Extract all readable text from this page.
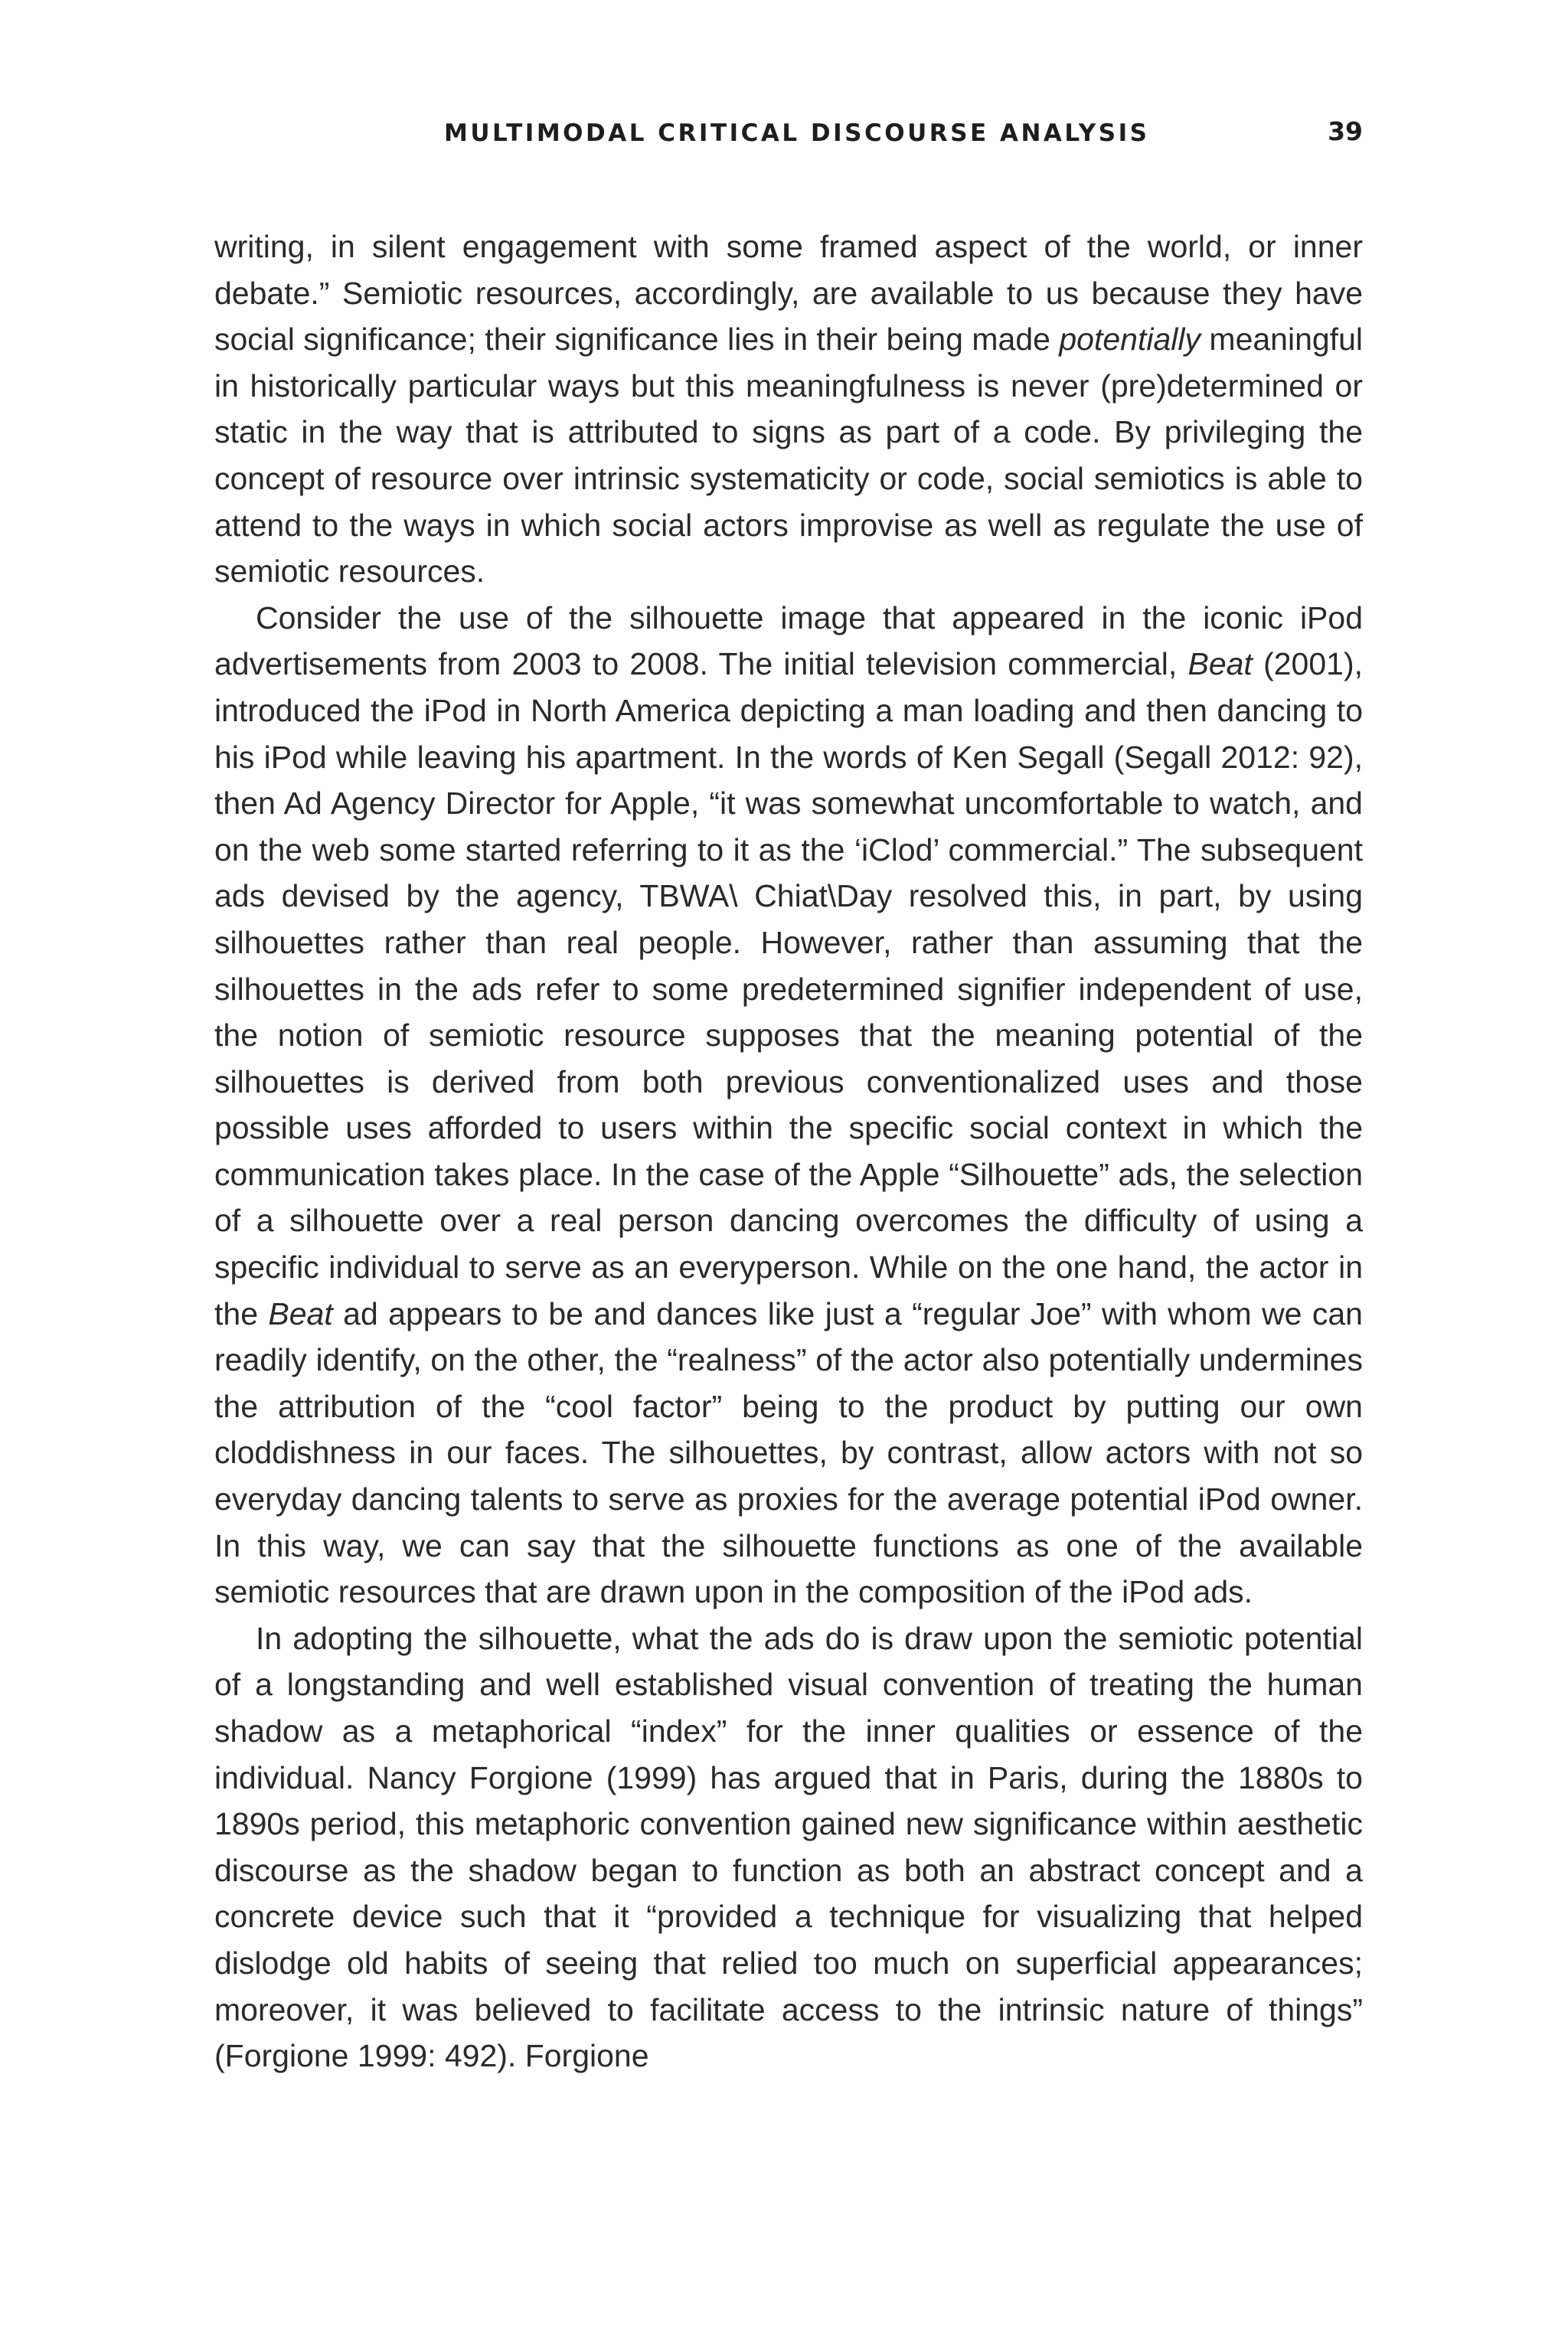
MULTIMODAL CRITICAL DISCOURSE ANALYSIS	39

writing, in silent engagement with some framed aspect of the world, or inner debate.” Semiotic resources, accordingly, are available to us because they have social significance; their significance lies in their being made potentially meaningful in historically particular ways but this meaningfulness is never (pre)determined or static in the way that is attributed to signs as part of a code. By privileging the concept of resource over intrinsic systematicity or code, social semiotics is able to attend to the ways in which social actors improvise as well as regulate the use of semiotic resources.

Consider the use of the silhouette image that appeared in the iconic iPod advertisements from 2003 to 2008. The initial television commercial, Beat (2001), introduced the iPod in North America depicting a man loading and then dancing to his iPod while leaving his apartment. In the words of Ken Segall (Segall 2012: 92), then Ad Agency Director for Apple, “it was somewhat uncomfortable to watch, and on the web some started referring to it as the ‘iClod’ commercial.” The subsequent ads devised by the agency, TBWA\ Chiat\Day resolved this, in part, by using silhouettes rather than real people. However, rather than assuming that the silhouettes in the ads refer to some predetermined signifier independent of use, the notion of semiotic resource supposes that the meaning potential of the silhouettes is derived from both previous conventionalized uses and those possible uses afforded to users within the specific social context in which the communication takes place. In the case of the Apple “Silhouette” ads, the selection of a silhouette over a real person dancing overcomes the difficulty of using a specific individual to serve as an everyperson. While on the one hand, the actor in the Beat ad appears to be and dances like just a “regular Joe” with whom we can readily identify, on the other, the “realness” of the actor also potentially undermines the attribution of the “cool factor” being to the product by putting our own cloddishness in our faces. The silhouettes, by contrast, allow actors with not so everyday dancing talents to serve as proxies for the average potential iPod owner. In this way, we can say that the silhouette functions as one of the available semiotic resources that are drawn upon in the composition of the iPod ads.

In adopting the silhouette, what the ads do is draw upon the semiotic potential of a longstanding and well established visual convention of treating the human shadow as a metaphorical “index” for the inner qualities or essence of the individual. Nancy Forgione (1999) has argued that in Paris, during the 1880s to 1890s period, this metaphoric convention gained new significance within aesthetic discourse as the shadow began to function as both an abstract concept and a concrete device such that it “provided a technique for visualizing that helped dislodge old habits of seeing that relied too much on superficial appearances; moreover, it was believed to facilitate access to the intrinsic nature of things” (Forgione 1999: 492). Forgione
